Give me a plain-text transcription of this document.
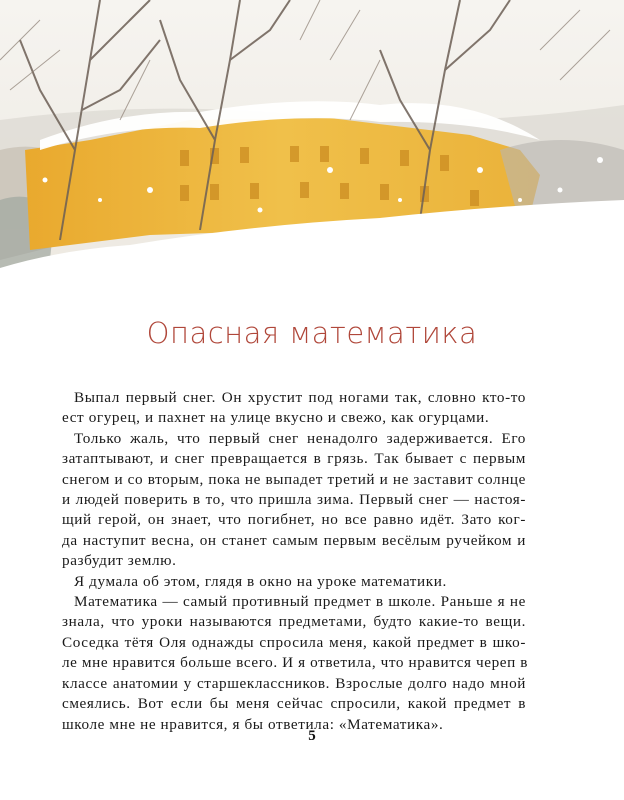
Опасная математика

Выпал первый снег. Он хрустит под ногами так, словно кто-то
ест огурец, и пахнет на улице вкусно и свежо, как огурцами.

Только жаль, что первый снег ненадолго задерживается. Его
затаптывают, и снег превращается в грязь. Так бывает с первым
снегом и со вторым, пока не выпадет третий и не заставит солнце
и людей поверить в то, что пришла зима. Первый снег — настоя-
щий герой, он знает, что погибнет, но все равно идёт. Зато ког-
да наступит весна, он станет самым первым весёлым ручейком и
разбудит землю.

Я думала об этом, глядя в окно на уроке математики.

Математика — самый противный предмет в школе. Раньше я не
знала, что уроки называются предметами, будто какие-то вещи.
Соседка тётя Оля однажды спросила меня, какой предмет в шко-
ле мне нравится больше всего. И я ответила, что нравится череп в
классе анатомии у старшеклассников. Взрослые долго надо мной
смеялись. Вот если бы меня сейчас спросили, какой предмет в
школе мне не нравится, я бы ответила: «Математика».

5
